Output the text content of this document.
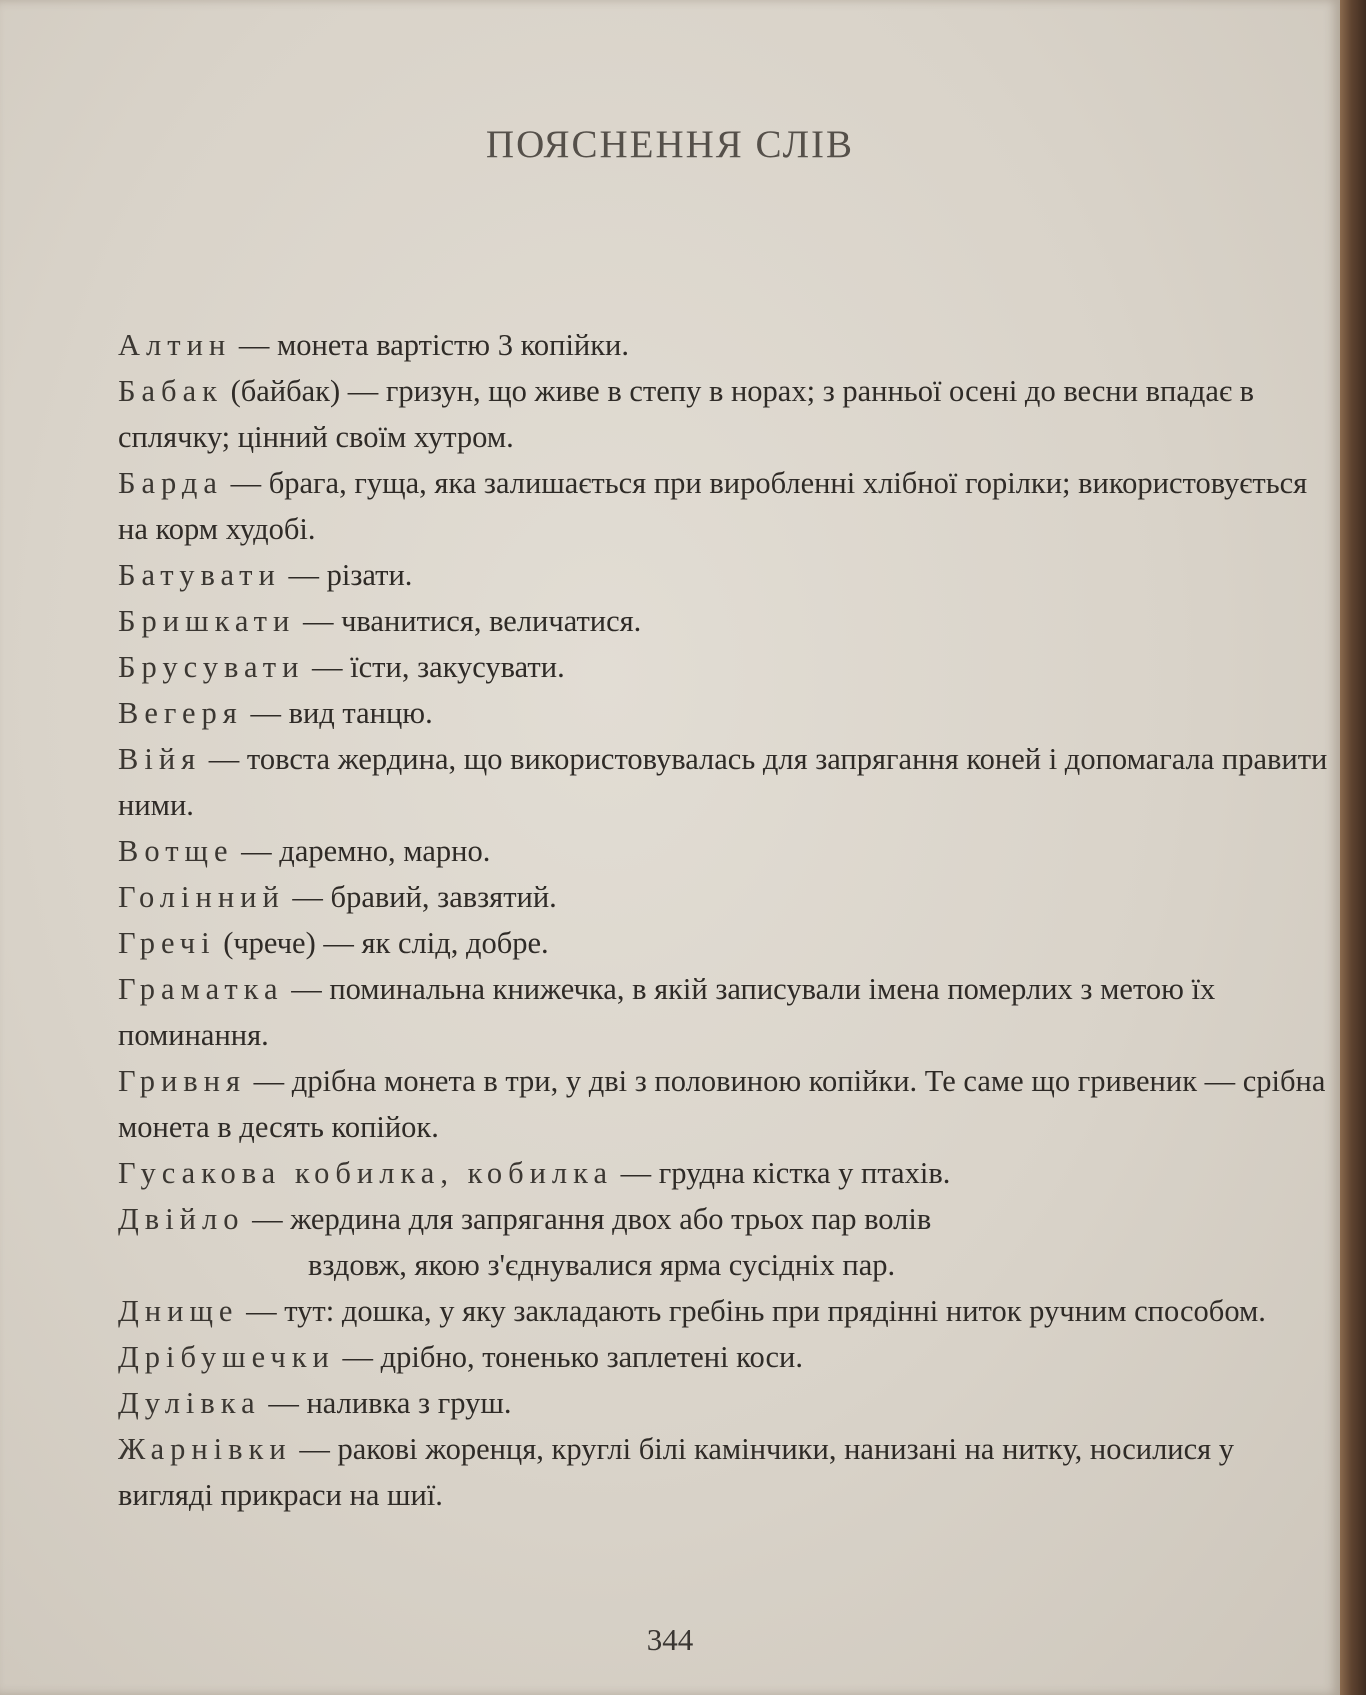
ПОЯСНЕННЯ СЛІВ

Алтин — монета вартістю 3 копійки.

Бабак (байбак) — гризун, що живе в степу в норах; з ранньої осені до весни впадає в сплячку; цінний своїм хутром.

Барда — брага, гуща, яка залишається при виробленні хлібної горілки; використовується на корм худобі.

Батувати — різати.

Бришкати — чванитися, величатися.

Брусувати — їсти, закусувати.

Вегеря — вид танцю.

Війя — товста жердина, що використовувалась для запрягання коней і допомагала правити ними.

Вотще — даремно, марно.

Голінний — бравий, завзятий.

Гречі (чрече) — як слід, добре.

Граматка — поминальна книжечка, в якій записували імена померлих з метою їх поминання.

Гривня — дрібна монета в три, у дві з половиною копійки. Те саме що гривеник — срібна монета в десять копійок.

Гусакова кобилка, кобилка — грудна кістка у птахів.

Двійло — жердина для запрягання двох або трьох пар волів

вздовж, якою з'єднувалися ярма сусідніх пар.

Днище — тут: дошка, у яку закладають гребінь при прядінні ниток ручним способом.

Дрібушечки — дрібно, тоненько заплетені коси.

Дулівка — наливка з груш.

Жарнівки — ракові жоренця, круглі білі камінчики, нанизані на нитку, носилися у вигляді прикраси на шиї.

344
